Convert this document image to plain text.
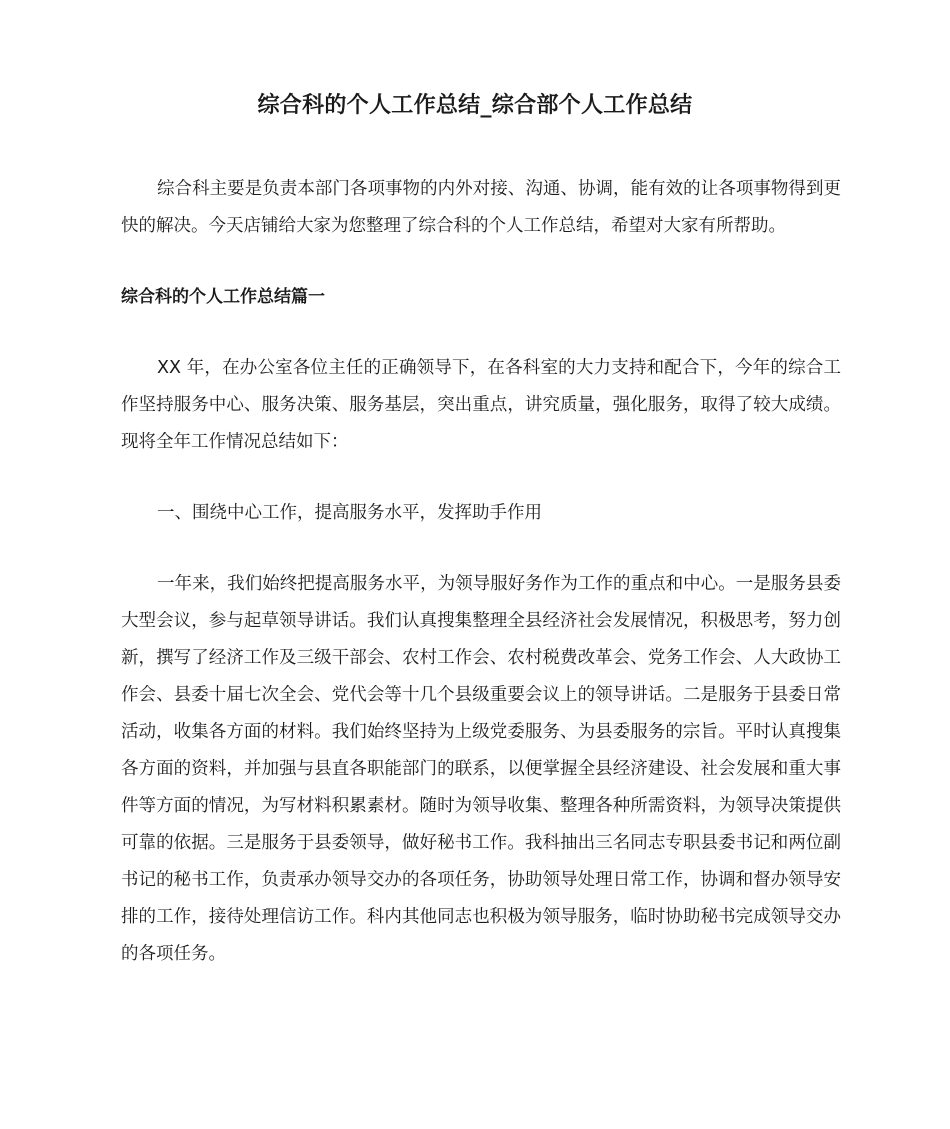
综合科的个人工作总结_综合部个人工作总结

综合科主要是负责本部门各项事物的内外对接、沟通、协调，能有效的让各项事物得到更快的解决。今天店铺给大家为您整理了综合科的个人工作总结，希望对大家有所帮助。

综合科的个人工作总结篇一

XX 年，在办公室各位主任的正确领导下，在各科室的大力支持和配合下，今年的综合工作坚持服务中心、服务决策、服务基层，突出重点，讲究质量，强化服务，取得了较大成绩。现将全年工作情况总结如下：

一、围绕中心工作，提高服务水平，发挥助手作用

一年来，我们始终把提高服务水平，为领导服好务作为工作的重点和中心。一是服务县委大型会议，参与起草领导讲话。我们认真搜集整理全县经济社会发展情况，积极思考，努力创新，撰写了经济工作及三级干部会、农村工作会、农村税费改革会、党务工作会、人大政协工作会、县委十届七次全会、党代会等十几个县级重要会议上的领导讲话。二是服务于县委日常活动，收集各方面的材料。我们始终坚持为上级党委服务、为县委服务的宗旨。平时认真搜集各方面的资料，并加强与县直各职能部门的联系，以便掌握全县经济建设、社会发展和重大事件等方面的情况，为写材料积累素材。随时为领导收集、整理各种所需资料，为领导决策提供可靠的依据。三是服务于县委领导，做好秘书工作。我科抽出三名同志专职县委书记和两位副书记的秘书工作，负责承办领导交办的各项任务，协助领导处理日常工作，协调和督办领导安排的工作，接待处理信访工作。科内其他同志也积极为领导服务，临时协助秘书完成领导交办的各项任务。
